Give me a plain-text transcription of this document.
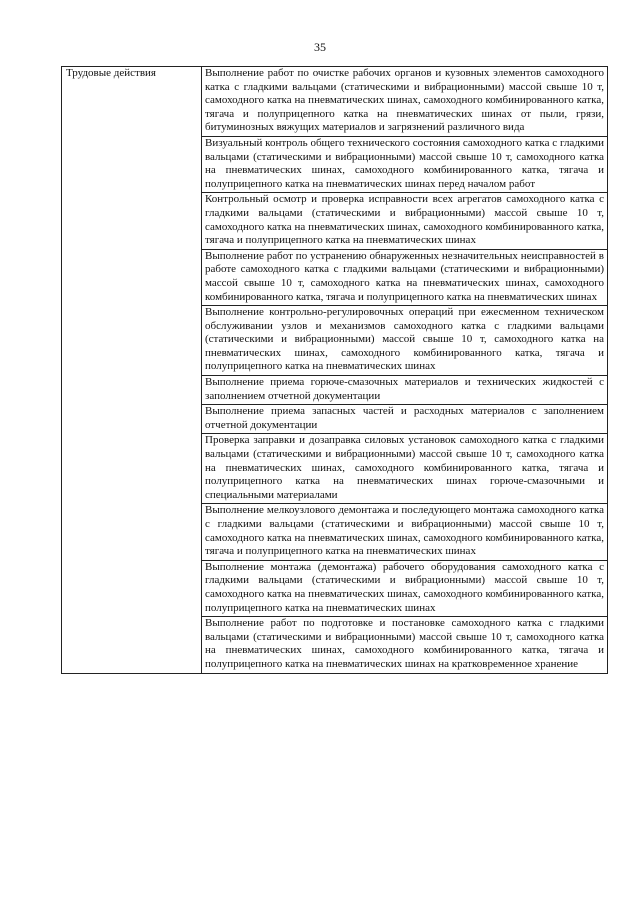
35
Трудовые действия	Выполнение работ по очистке рабочих органов и кузовных элементов самоходного катка с гладкими вальцами (статическими и вибрационными) массой свыше 10 т, самоходного катка на пневматических шинах, самоходного комбинированного катка, тягача и полуприцепного катка на пневматических шинах от пыли, грязи, битуминозных вяжущих материалов и загрязнений различного вида
Визуальный контроль общего технического состояния самоходного катка с гладкими вальцами (статическими и вибрационными) массой свыше 10 т, самоходного катка на пневматических шинах, самоходного комбинированного катка, тягача и полуприцепного катка на пневматических шинах перед началом работ
Контрольный осмотр и проверка исправности всех агрегатов самоходного катка с гладкими вальцами (статическими и вибрационными) массой свыше 10 т, самоходного катка на пневматических шинах, самоходного комбинированного катка, тягача и полуприцепного катка на пневматических шинах
Выполнение работ по устранению обнаруженных незначительных неисправностей в работе самоходного катка с гладкими вальцами (статическими и вибрационными) массой свыше 10 т, самоходного катка на пневматических шинах, самоходного комбинированного катка, тягача и полуприцепного катка на пневматических шинах
Выполнение контрольно-регулировочных операций при ежесменном техническом обслуживании узлов и механизмов самоходного катка с гладкими вальцами (статическими и вибрационными) массой свыше 10 т, самоходного катка на пневматических шинах, самоходного комбинированного катка, тягача и полуприцепного катка на пневматических шинах
Выполнение приема горюче-смазочных материалов и технических жидкостей с заполнением отчетной документации
Выполнение приема запасных частей и расходных материалов с заполнением отчетной документации
Проверка заправки и дозаправка силовых установок самоходного катка с гладкими вальцами (статическими и вибрационными) массой свыше 10 т, самоходного катка на пневматических шинах, самоходного комбинированного катка, тягача и полуприцепного катка на пневматических шинах горюче-смазочными и специальными материалами
Выполнение мелкоузлового демонтажа и последующего монтажа самоходного катка с гладкими вальцами (статическими и вибрационными) массой свыше 10 т, самоходного катка на пневматических шинах, самоходного комбинированного катка, тягача и полуприцепного катка на пневматических шинах
Выполнение монтажа (демонтажа) рабочего оборудования самоходного катка с гладкими вальцами (статическими и вибрационными) массой свыше 10 т, самоходного катка на пневматических шинах, самоходного комбинированного катка, полуприцепного катка на пневматических шинах
Выполнение работ по подготовке и постановке самоходного катка с гладкими вальцами (статическими и вибрационными) массой свыше 10 т, самоходного катка на пневматических шинах, самоходного комбинированного катка, тягача и полуприцепного катка на пневматических шинах на кратковременное хранение
